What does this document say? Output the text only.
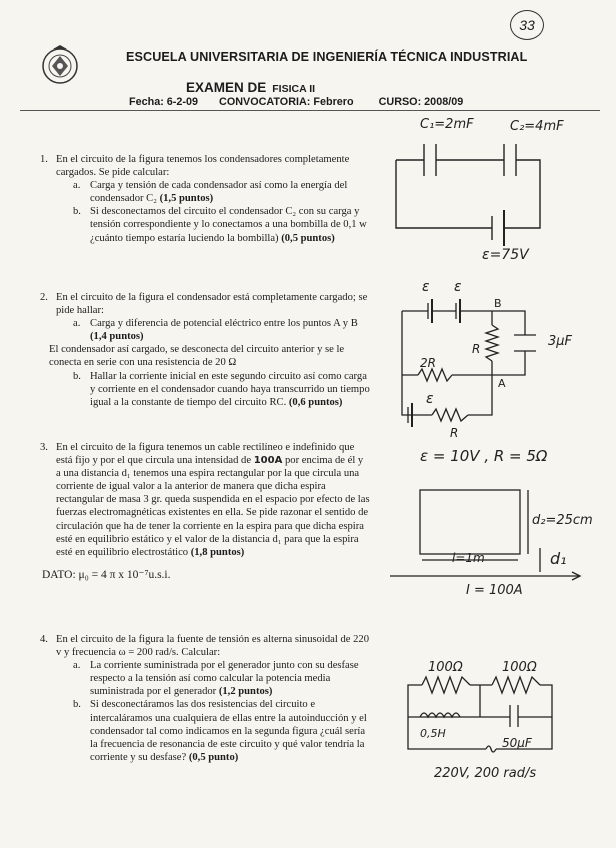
33
ESCUELA UNIVERSITARIA DE INGENIERÍA TÉCNICA INDUSTRIAL
EXAMEN DE FISICA II
Fecha: 6-2-09 CONVOCATORIA: Febrero CURSO: 2008/09
1. En el circuito de la figura tenemos los condensadores completamente cargados. Se pide calcular:

a. Carga y tensión de cada condensador así como la energía del condensador C₂ (1,5 puntos)
b. Si desconectamos del circuito el condensador C₂ con su carga y tensión correspondiente y lo conectamos a una bombilla de 0,1 w ¿cuánto tiempo estaría luciendo la bombilla) (0,5 puntos)
2. En el circuito de la figura el condensador está completamente cargado; se pide hallar:

a. Carga y diferencia de potencial eléctrico entre los puntos A y B (1,4 puntos)

El condensador así cargado, se desconecta del circuito anterior y se le conecta en serie con una resistencia de 20 Ω

b. Hallar la corriente inicial en este segundo circuito así como carga y corriente en el condensador cuando haya transcurrido un tiempo igual a la constante de tiempo del circuito RC. (0,6 puntos)
3. En el circuito de la figura tenemos un cable rectilíneo e indefinido que está fijo y por el que circula una intensidad de 100A por encima de él y a una distancia d₁ tenemos una espira rectangular por la que circula una corriente de igual valor a la anterior de manera que dicha espira rectangular de masa 3 gr. queda suspendida en el espacio por efecto de las fuerzas electromagnéticas existentes en ella. Se pide razonar el sentido de circulación que ha de tener la corriente en la espira para que dicha espira esté en equilibrio estático y el valor de la distancia d₁ para que la espira esté en equilibrio electrostático (1,8 puntos)

DATO: μ₀ = 4 π x 10⁻⁷u.s.i.

4. En el circuito de la figura la fuente de tensión es alterna sinusoidal de 220 v y frecuencia ω = 200 rad/s. Calcular:

a. La corriente suministrada por el generador junto con su desfase respecto a la tensión así como calcular la potencia media suministrada por el generador (1,2 puntos)
b. Si desconectáramos las dos resistencias del circuito e intercaláramos una cualquiera de ellas entre la autoinducción y el condensador tal como indicamos en la segunda figura ¿cuál sería la frecuencia de resonancia de este circuito y qué valor tendría la corriente y su desfase? (0,5 punto)
C₁=2mF	C₂=4mF
ε=75V
ε ε
B
R	3μF
2R
A
ε
R
ε = 10V , R = 5Ω
d₂=25cm
l=1m	d₁
I = 100A
100Ω	100Ω
0,5H
50μF
220V, 200 rad/s
